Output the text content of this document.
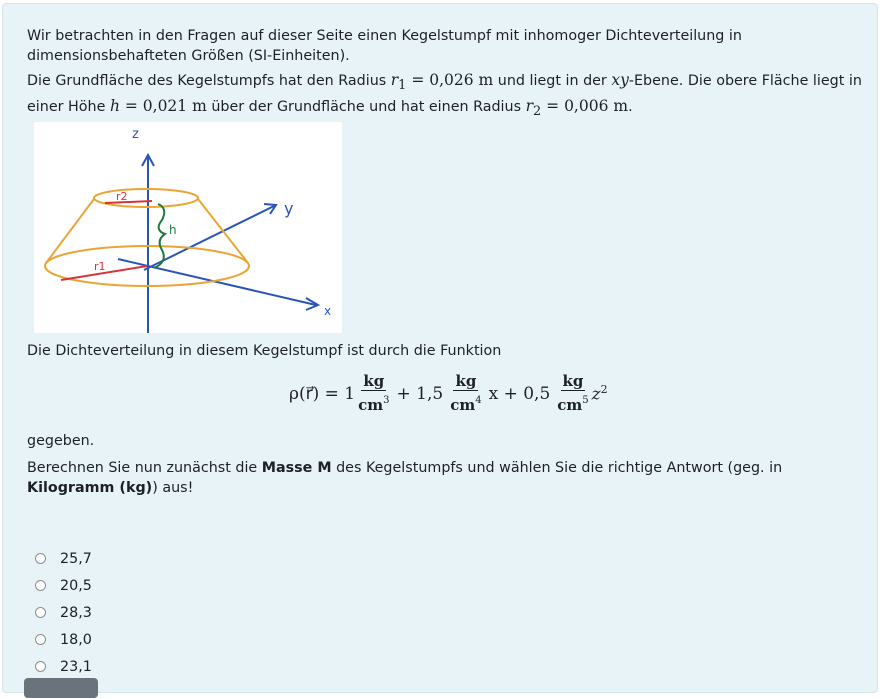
Wir betrachten in den Fragen auf dieser Seite einen Kegelstumpf mit inhomoger Dichteverteilung in dimensionsbehafteten Größen (SI-Einheiten).

Die Grundfläche des Kegelstumpfs hat den Radius $r_1 = 0,026$ m und liegt in der xy-Ebene. Die obere Fläche liegt in einer Höhe h = 0,021 m über der Grundfläche und hat einen Radius $r_2 = 0,006$ m.

r1
r2
h
z
y
x

Die Dichteverteilung in diesem Kegelstumpf ist durch die Funktion

ρ(r⃗) = $1 \frac{kg}{cm^3} + 1,5 \frac{kg}{cm^4}$ $x + 0,5 \frac{kg}{cm^5} z^2$

gegeben.

Berechnen Sie nun zunächst die Masse M des Kegelstumpfs und wählen Sie die richtige Antwort (geg. in Kilogramm (kg)) aus!

25,7
20,5
28,3
18,0
23,1
